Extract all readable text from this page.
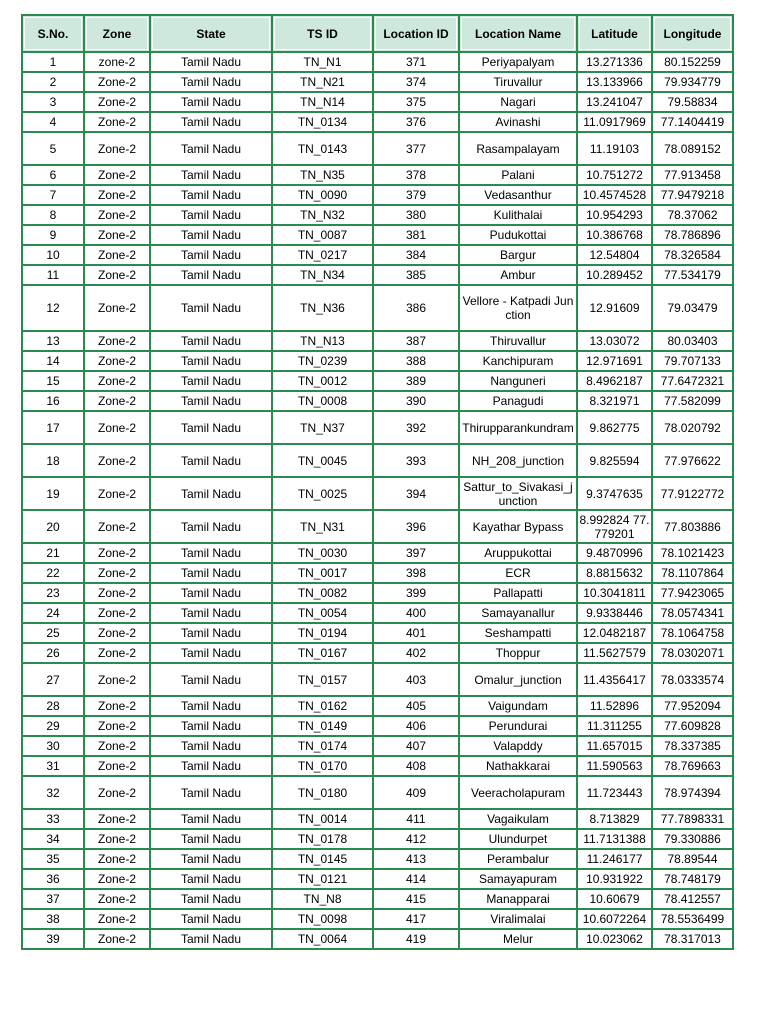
S.No.	Zone	State	TS ID	Location ID	Location Name	Latitude	Longitude
1	zone-2	Tamil Nadu	TN_N1	371	Periyapalyam	13.271336	80.152259
2	Zone-2	Tamil Nadu	TN_N21	374	Tiruvallur	13.133966	79.934779
3	Zone-2	Tamil Nadu	TN_N14	375	Nagari	13.241047	79.58834
4	Zone-2	Tamil Nadu	TN_0134	376	Avinashi	11.0917969	77.1404419
5	Zone-2	Tamil Nadu	TN_0143	377	Rasampalayam	11.19103	78.089152
6	Zone-2	Tamil Nadu	TN_N35	378	Palani	10.751272	77.913458
7	Zone-2	Tamil Nadu	TN_0090	379	Vedasanthur	10.4574528	77.9479218
8	Zone-2	Tamil Nadu	TN_N32	380	Kulithalai	10.954293	78.37062
9	Zone-2	Tamil Nadu	TN_0087	381	Pudukottai	10.386768	78.786896
10	Zone-2	Tamil Nadu	TN_0217	384	Bargur	12.54804	78.326584
11	Zone-2	Tamil Nadu	TN_N34	385	Ambur	10.289452	77.534179
12	Zone-2	Tamil Nadu	TN_N36	386	Vellore - Katpadi Junction	12.91609	79.03479
13	Zone-2	Tamil Nadu	TN_N13	387	Thiruvallur	13.03072	80.03403
14	Zone-2	Tamil Nadu	TN_0239	388	Kanchipuram	12.971691	79.707133
15	Zone-2	Tamil Nadu	TN_0012	389	Nanguneri	8.4962187	77.6472321
16	Zone-2	Tamil Nadu	TN_0008	390	Panagudi	8.321971	77.582099
17	Zone-2	Tamil Nadu	TN_N37	392	Thirupparankundram	9.862775	78.020792
18	Zone-2	Tamil Nadu	TN_0045	393	NH_208_junction	9.825594	77.976622
19	Zone-2	Tamil Nadu	TN_0025	394	Sattur_to_Sivakasi_junction	9.3747635	77.9122772
20	Zone-2	Tamil Nadu	TN_N31	396	Kayathar Bypass	8.992824 77.779201	77.803886
21	Zone-2	Tamil Nadu	TN_0030	397	Aruppukottai	9.4870996	78.1021423
22	Zone-2	Tamil Nadu	TN_0017	398	ECR	8.8815632	78.1107864
23	Zone-2	Tamil Nadu	TN_0082	399	Pallapatti	10.3041811	77.9423065
24	Zone-2	Tamil Nadu	TN_0054	400	Samayanallur	9.9338446	78.0574341
25	Zone-2	Tamil Nadu	TN_0194	401	Seshampatti	12.0482187	78.1064758
26	Zone-2	Tamil Nadu	TN_0167	402	Thoppur	11.5627579	78.0302071
27	Zone-2	Tamil Nadu	TN_0157	403	Omalur_junction	11.4356417	78.0333574
28	Zone-2	Tamil Nadu	TN_0162	405	Vaigundam	11.52896	77.952094
29	Zone-2	Tamil Nadu	TN_0149	406	Perundurai	11.311255	77.609828
30	Zone-2	Tamil Nadu	TN_0174	407	Valapddy	11.657015	78.337385
31	Zone-2	Tamil Nadu	TN_0170	408	Nathakkarai	11.590563	78.769663
32	Zone-2	Tamil Nadu	TN_0180	409	Veeracholapuram	11.723443	78.974394
33	Zone-2	Tamil Nadu	TN_0014	411	Vagaikulam	8.713829	77.7898331
34	Zone-2	Tamil Nadu	TN_0178	412	Ulundurpet	11.7131388	79.330886
35	Zone-2	Tamil Nadu	TN_0145	413	Perambalur	11.246177	78.89544
36	Zone-2	Tamil Nadu	TN_0121	414	Samayapuram	10.931922	78.748179
37	Zone-2	Tamil Nadu	TN_N8	415	Manapparai	10.60679	78.412557
38	Zone-2	Tamil Nadu	TN_0098	417	Viralimalai	10.6072264	78.5536499
39	Zone-2	Tamil Nadu	TN_0064	419	Melur	10.023062	78.317013
